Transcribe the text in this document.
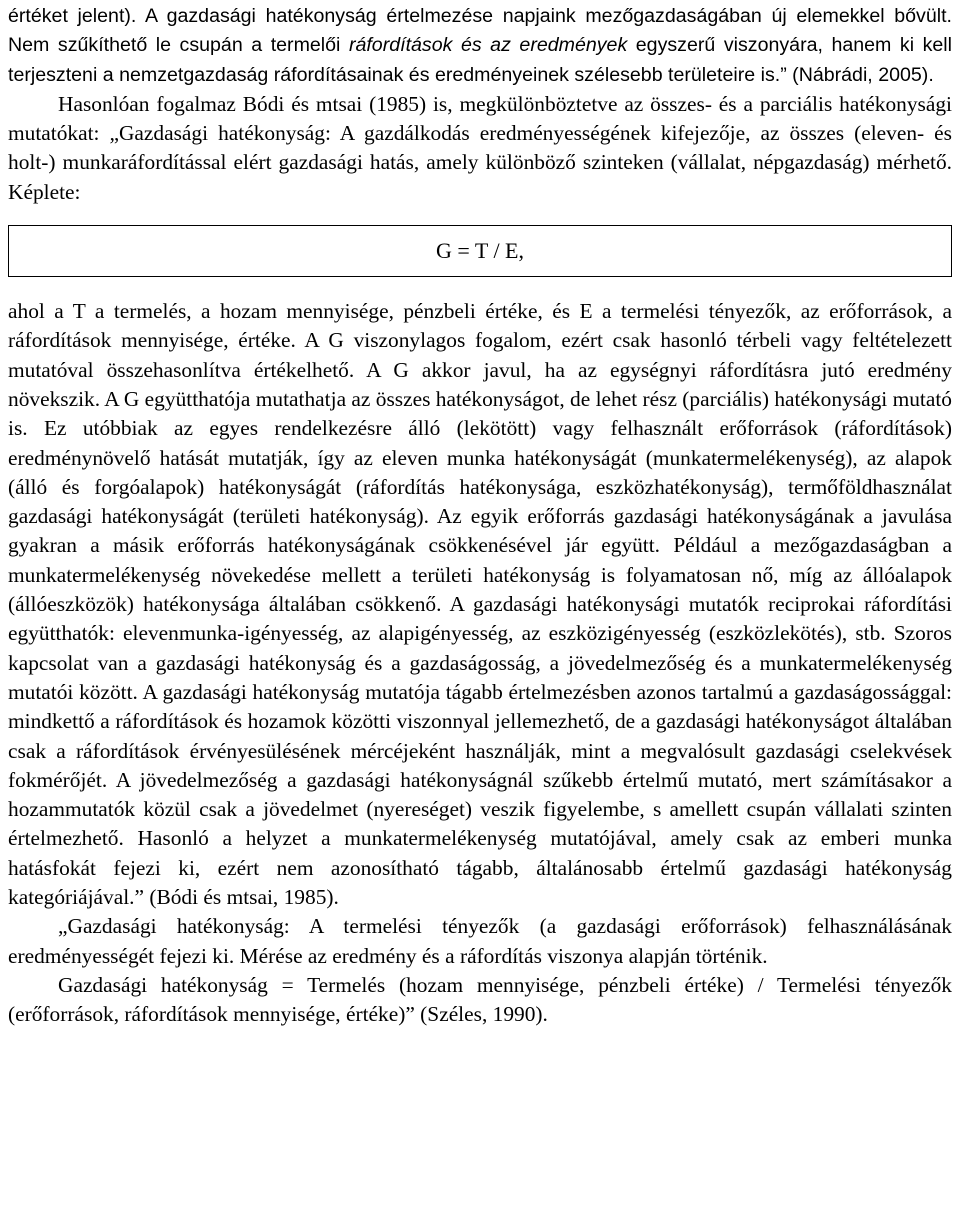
értéket jelent). A gazdasági hatékonyság értelmezése napjaink mezőgazdaságában új elemekkel bővült. Nem szűkíthető le csupán a termelői ráfordítások és az eredmények egyszerű viszonyára, hanem ki kell terjeszteni a nemzetgazdaság ráfordításainak és eredményeinek szélesebb területeire is.” (Nábrádi, 2005).

Hasonlóan fogalmaz Bódi és mtsai (1985) is, megkülönböztetve az összes- és a parciális hatékonysági mutatókat: „Gazdasági hatékonyság: A gazdálkodás eredményességének kifejezője, az összes (eleven- és holt-) munkaráfordítással elért gazdasági hatás, amely különböző szinteken (vállalat, népgazdaság) mérhető. Képlete:

G = T / E,

ahol a T a termelés, a hozam mennyisége, pénzbeli értéke, és E a termelési tényezők, az erőforrások, a ráfordítások mennyisége, értéke. A G viszonylagos fogalom, ezért csak hasonló térbeli vagy feltételezett mutatóval összehasonlítva értékelhető. A G akkor javul, ha az egységnyi ráfordításra jutó eredmény növekszik. A G együtthatója mutathatja az összes hatékonyságot, de lehet rész (parciális) hatékonysági mutató is. Ez utóbbiak az egyes rendelkezésre álló (lekötött) vagy felhasznált erőforrások (ráfordítások) eredménynövelő hatását mutatják, így az eleven munka hatékonyságát (munkatermelékenység), az alapok (álló és forgóalapok) hatékonyságát (ráfordítás hatékonysága, eszközhatékonyság), termőföldhasználat gazdasági hatékonyságát (területi hatékonyság). Az egyik erőforrás gazdasági hatékonyságának a javulása gyakran a másik erőforrás hatékonyságának csökkenésével jár együtt. Például a mezőgazdaságban a munkatermelékenység növekedése mellett a területi hatékonyság is folyamatosan nő, míg az állóalapok (állóeszközök) hatékonysága általában csökkenő. A gazdasági hatékonysági mutatók reciprokai ráfordítási együtthatók: elevenmunka-igényesség, az alapigényesség, az eszközigényesség (eszközlekötés), stb. Szoros kapcsolat van a gazdasági hatékonyság és a gazdaságosság, a jövedelmezőség és a munkatermelékenység mutatói között. A gazdasági hatékonyság mutatója tágabb értelmezésben azonos tartalmú a gazdaságossággal: mindkettő a ráfordítások és hozamok közötti viszonnyal jellemezhető, de a gazdasági hatékonyságot általában csak a ráfordítások érvényesülésének mércéjeként használják, mint a megvalósult gazdasági cselekvések fokmérőjét. A jövedelmezőség a gazdasági hatékonyságnál szűkebb értelmű mutató, mert számításakor a hozammutatók közül csak a jövedelmet (nyereséget) veszik figyelembe, s amellett csupán vállalati szinten értelmezhető. Hasonló a helyzet a munkatermelékenység mutatójával, amely csak az emberi munka hatásfokát fejezi ki, ezért nem azonosítható tágabb, általánosabb értelmű gazdasági hatékonyság kategóriájával.” (Bódi és mtsai, 1985).

„Gazdasági hatékonyság: A termelési tényezők (a gazdasági erőforrások) felhasználásának eredményességét fejezi ki. Mérése az eredmény és a ráfordítás viszonya alapján történik.

Gazdasági hatékonyság = Termelés (hozam mennyisége, pénzbeli értéke) / Termelési tényezők (erőforrások, ráfordítások mennyisége, értéke)” (Széles, 1990).
